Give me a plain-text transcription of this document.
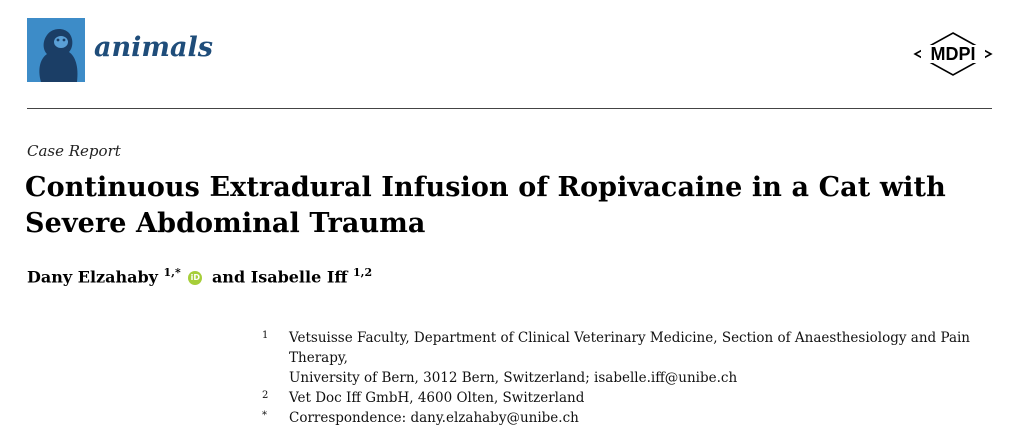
animals	MDPI
Case Report
Continuous Extradural Infusion of Ropivacaine in a Cat with Severe Abdominal Trauma
Dany Elzahaby $^{1,*}$ iD and Isabelle Iff $^{1,2}$
1 Vetsuisse Faculty, Department of Clinical Veterinary Medicine, Section of Anaesthesiology and Pain Therapy,
University of Bern, 3012 Bern, Switzerland; isabelle.iff@unibe.ch
2 Vet Doc Iff GmbH, 4600 Olten, Switzerland
* Correspondence: dany.elzahaby@unibe.ch
